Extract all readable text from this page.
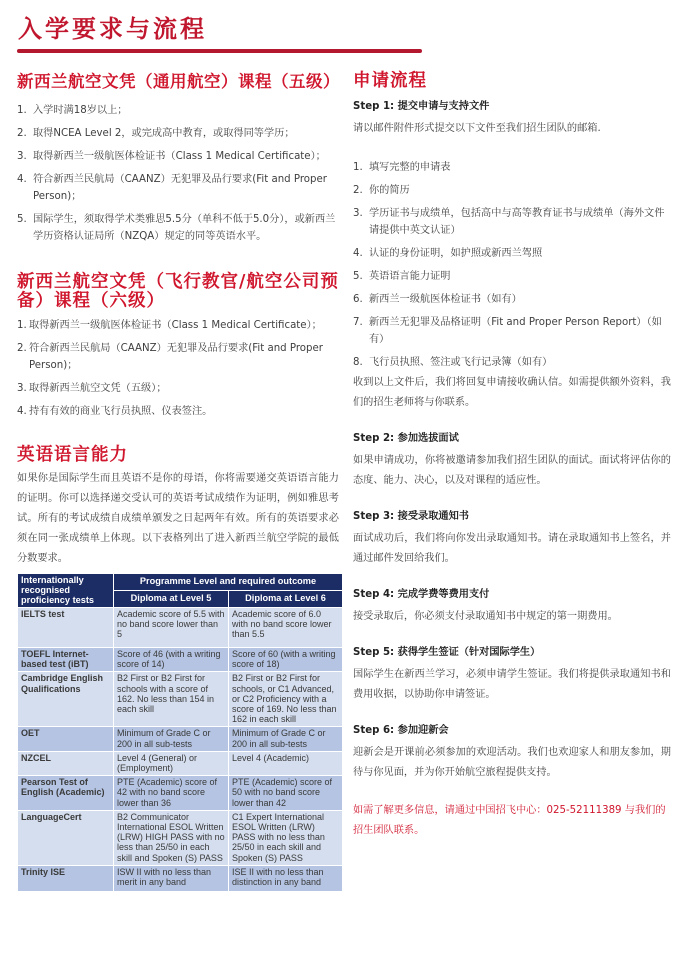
入学要求与流程
新西兰航空文凭（通用航空）课程（五级）
1. 入学时满18岁以上；
2. 取得NCEA Level 2，或完成高中教育，或取得同等学历；
3. 取得新西兰一级航医体检证书（Class 1 Medical Certificate）；
4. 符合新西兰民航局（CAANZ）无犯罪及品行要求(Fit and Proper Person)；
5. 国际学生，须取得学术类雅思5.5分（单科不低于5.0分），或新西兰学历资格认证局所（NZQA）规定的同等英语水平。
新西兰航空文凭（飞行教官/航空公司预备）课程（六级）
1. 取得新西兰一级航医体检证书（Class 1 Medical Certificate）；
2. 符合新西兰民航局（CAANZ）无犯罪及品行要求(Fit and Proper Person)；
3. 取得新西兰航空文凭（五级）；
4. 持有有效的商业飞行员执照、仪表签注。
英语语言能力

如果你是国际学生而且英语不是你的母语，你将需要递交英语语言能力的证明。你可以选择递交受认可的英语考试成绩作为证明，例如雅思考试。所有的考试成绩自成绩单颁发之日起两年有效。所有的英语要求必须在同一张成绩单上体现。以下表格列出了进入新西兰航空学院的最低分数要求。

Internationally recognised proficiency tests	Programme Level and required outcome	
	Diploma at Level 5	Diploma at Level 6
IELTS test	Academic score of 5.5 with no band score lower than 5	Academic score of 6.0 with no band score lower than 5.5
TOEFL Internet-based test (iBT)	Score of 46 (with a writing score of 14)	Score of 60 (with a writing score of 18)
Cambridge English Qualifications	B2 First or B2 First for schools with a score of 162. No less than 154 in each skill	B2 First or B2 First for schools, or C1 Advanced, or C2 Proficiency with a score of 169. No less than 162 in each skill
OET	Minimum of Grade C or 200 in all sub-tests	Minimum of Grade C or 200 in all sub-tests
NZCEL	Level 4 (General) or (Employment)	Level 4 (Academic)
Pearson Test of English (Academic)	PTE (Academic) score of 42 with no band score lower than 36	PTE (Academic) score of 50 with no band score lower than 42
LanguageCert	B2 Communicator International ESOL Written (LRW) HIGH PASS with no less than 25/50 in each skill and Spoken (S) PASS	C1 Expert International ESOL Written (LRW) PASS with no less than 25/50 in each skill and Spoken (S) PASS
Trinity ISE	ISW II with no less than merit in any band	ISE II with no less than distinction in any band
申请流程
Step 1: 提交申请与支持文件

请以邮件附件形式提交以下文件至我们招生团队的邮箱.

1. 填写完整的申请表
2. 你的简历
3. 学历证书与成绩单，包括高中与高等教育证书与成绩单（海外文件请提供中英文认证）
4. 认证的身份证明，如护照或新西兰驾照
5. 英语语言能力证明
6. 新西兰一级航医体检证书（如有）
7. 新西兰无犯罪及品格证明（Fit and Proper Person Report）（如有）
8. 飞行员执照、签注或飞行记录簿（如有）

收到以上文件后，我们将回复申请接收确认信。如需提供额外资料，我们的招生老师将与你联系。

Step 2: 参加选拔面试

如果申请成功，你将被邀请参加我们招生团队的面试。面试将评估你的态度、能力、决心，以及对课程的适应性。

Step 3: 接受录取通知书

面试成功后，我们将向你发出录取通知书。请在录取通知书上签名，并通过邮件发回给我们。

Step 4: 完成学费等费用支付

接受录取后，你必须支付录取通知书中规定的第一期费用。

Step 5: 获得学生签证（针对国际学生）

国际学生在新西兰学习，必须申请学生签证。我们将提供录取通知书和费用收据，以协助你申请签证。

Step 6: 参加迎新会

迎新会是开课前必须参加的欢迎活动。我们也欢迎家人和朋友参加，期待与你见面，并为你开始航空旅程提供支持。

如需了解更多信息，请通过中国招飞中心：025-52111389 与我们的招生团队联系。
